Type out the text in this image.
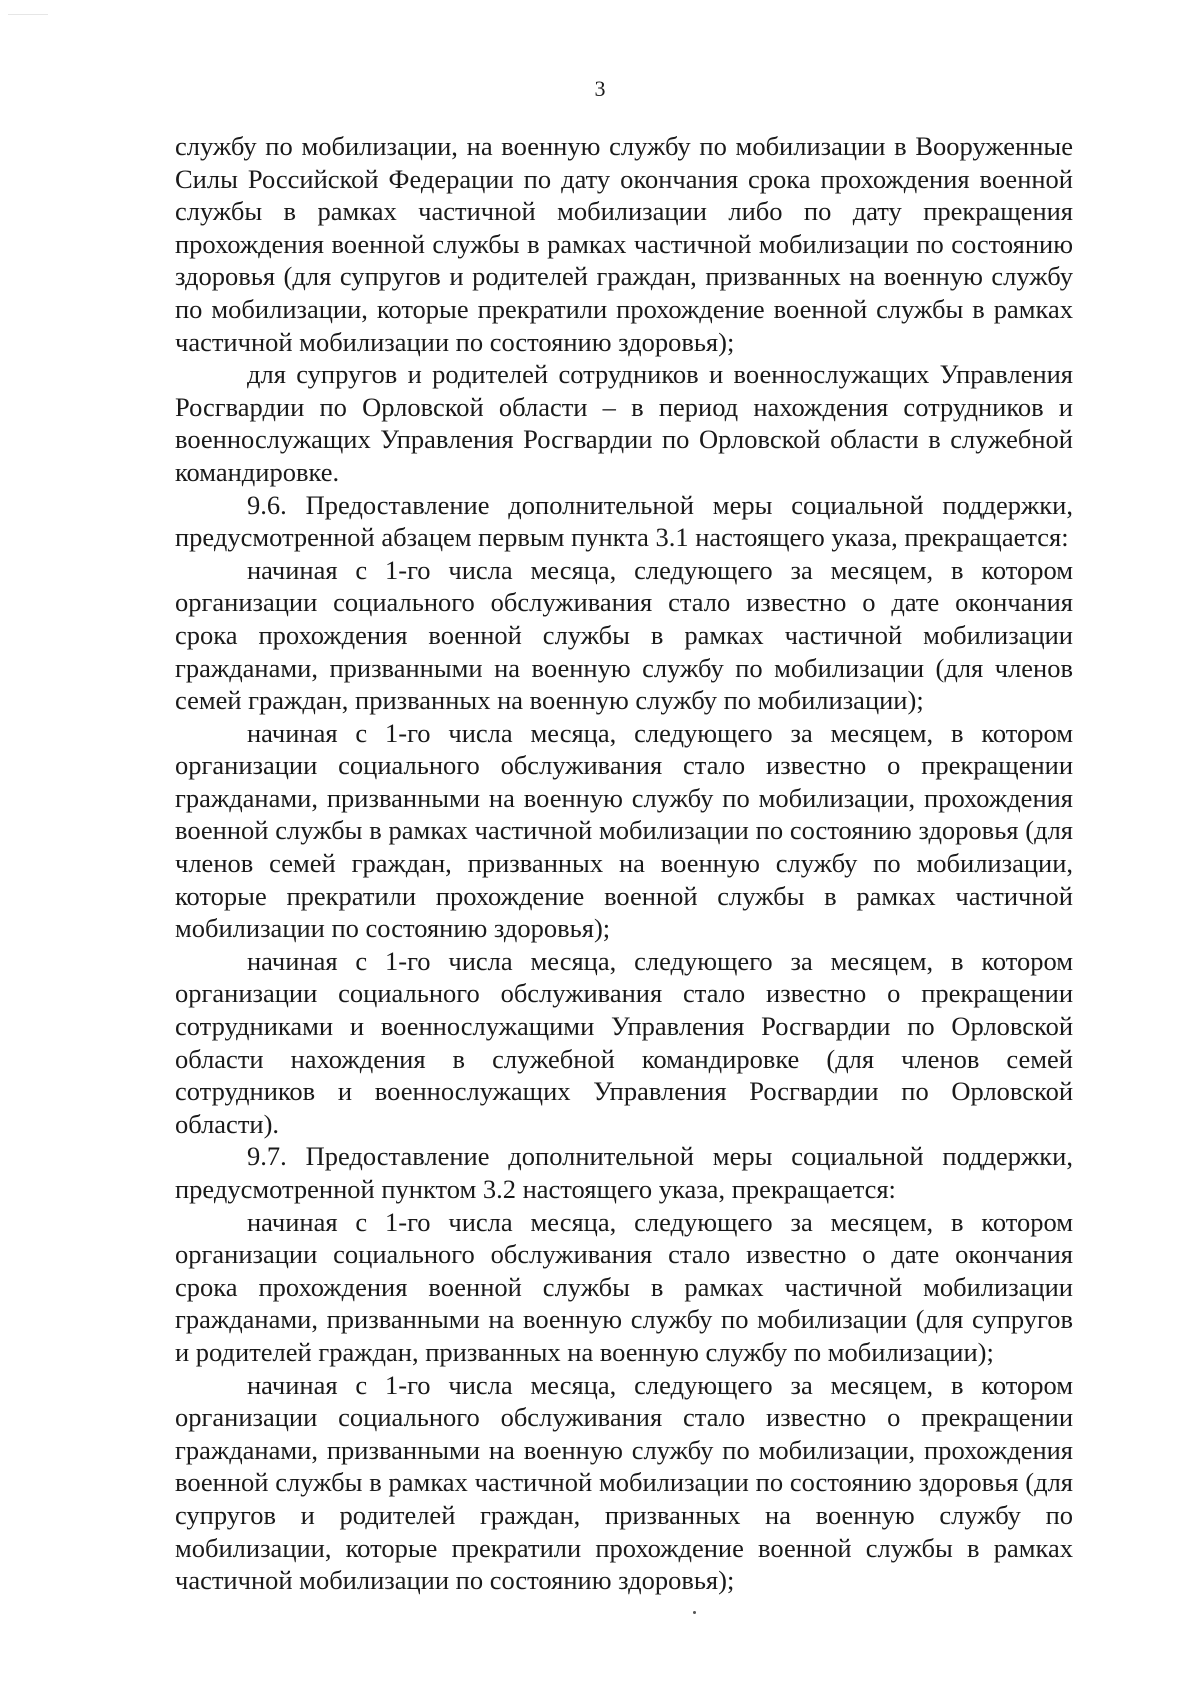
3

службу по мобилизации, на военную службу по мобилизации в Вооруженные Силы Российской Федерации по дату окончания срока прохождения военной службы в рамках частичной мобилизации либо по дату прекращения прохождения военной службы в рамках частичной мобилизации по состоянию здоровья (для супругов и родителей граждан, призванных на военную службу по мобилизации, которые прекратили прохождение военной службы в рамках частичной мобилизации по состоянию здоровья);

для супругов и родителей сотрудников и военнослужащих Управления Росгвардии по Орловской области – в период нахождения сотрудников и военнослужащих Управления Росгвардии по Орловской области в служебной командировке.

9.6. Предоставление дополнительной меры социальной поддержки, предусмотренной абзацем первым пункта 3.1 настоящего указа, прекращается:

начиная с 1-го числа месяца, следующего за месяцем, в котором организации социального обслуживания стало известно о дате окончания срока прохождения военной службы в рамках частичной мобилизации гражданами, призванными на военную службу по мобилизации (для членов семей граждан, призванных на военную службу по мобилизации);

начиная с 1-го числа месяца, следующего за месяцем, в котором организации социального обслуживания стало известно о прекращении гражданами, призванными на военную службу по мобилизации, прохождения военной службы в рамках частичной мобилизации по состоянию здоровья (для членов семей граждан, призванных на военную службу по мобилизации, которые прекратили прохождение военной службы в рамках частичной мобилизации по состоянию здоровья);

начиная с 1-го числа месяца, следующего за месяцем, в котором организации социального обслуживания стало известно о прекращении сотрудниками и военнослужащими Управления Росгвардии по Орловской области нахождения в служебной командировке (для членов семей сотрудников и военнослужащих Управления Росгвардии по Орловской области).

9.7. Предоставление дополнительной меры социальной поддержки, предусмотренной пунктом 3.2 настоящего указа, прекращается:

начиная с 1-го числа месяца, следующего за месяцем, в котором организации социального обслуживания стало известно о дате окончания срока прохождения военной службы в рамках частичной мобилизации гражданами, призванными на военную службу по мобилизации (для супругов и родителей граждан, призванных на военную службу по мобилизации);

начиная с 1-го числа месяца, следующего за месяцем, в котором организации социального обслуживания стало известно о прекращении гражданами, призванными на военную службу по мобилизации, прохождения военной службы в рамках частичной мобилизации по состоянию здоровья (для супругов и родителей граждан, призванных на военную службу по мобилизации, которые прекратили прохождение военной службы в рамках частичной мобилизации по состоянию здоровья);
